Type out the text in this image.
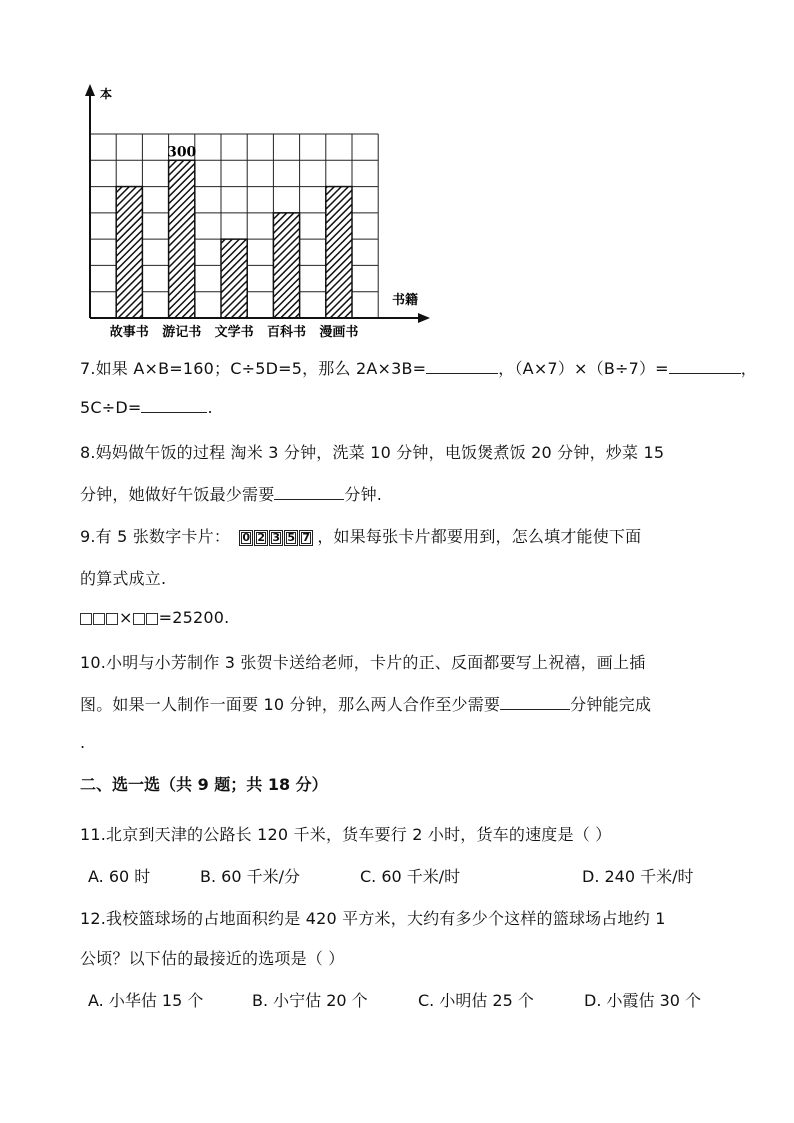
故事书 游记书
300
文学书 百科书 漫画书
本
书籍
7.如果 A×B=160；C÷5D=5，那么 2A×3B=	，（A×7）×（B÷7）=	，
5C÷D=	.
8.妈妈做午饭的过程 淘米 3 分钟，洗菜 10 分钟，电饭煲煮饭 20 分钟，炒菜 15
分钟，她做好午饭最少需要	分钟.
9.有 5 张数字卡片： 0 2 3 5 7 ，如果每张卡片都要用到，怎么填才能使下面
的算式成立.
× =25200.
10.小明与小芳制作 3 张贺卡送给老师，卡片的正、反面都要写上祝禧，画上插
图。如果一人制作一面要 10 分钟，那么两人合作至少需要	分钟能完成
.
二、选一选（共 9 题；共 18 分）
11.北京到天津的公路长 120 千米，货车要行 2 小时，货车的速度是（ ）
A. 60 时	B. 60 千米/分	C. 60 千米/时	D. 240 千米/时
12.我校篮球场的占地面积约是 420 平方米，大约有多少个这样的篮球场占地约 1
公顷？以下估的最接近的选项是（ ）
A. 小华估 15 个	B. 小宁估 20 个	C. 小明估 25 个	D. 小霞估 30 个
